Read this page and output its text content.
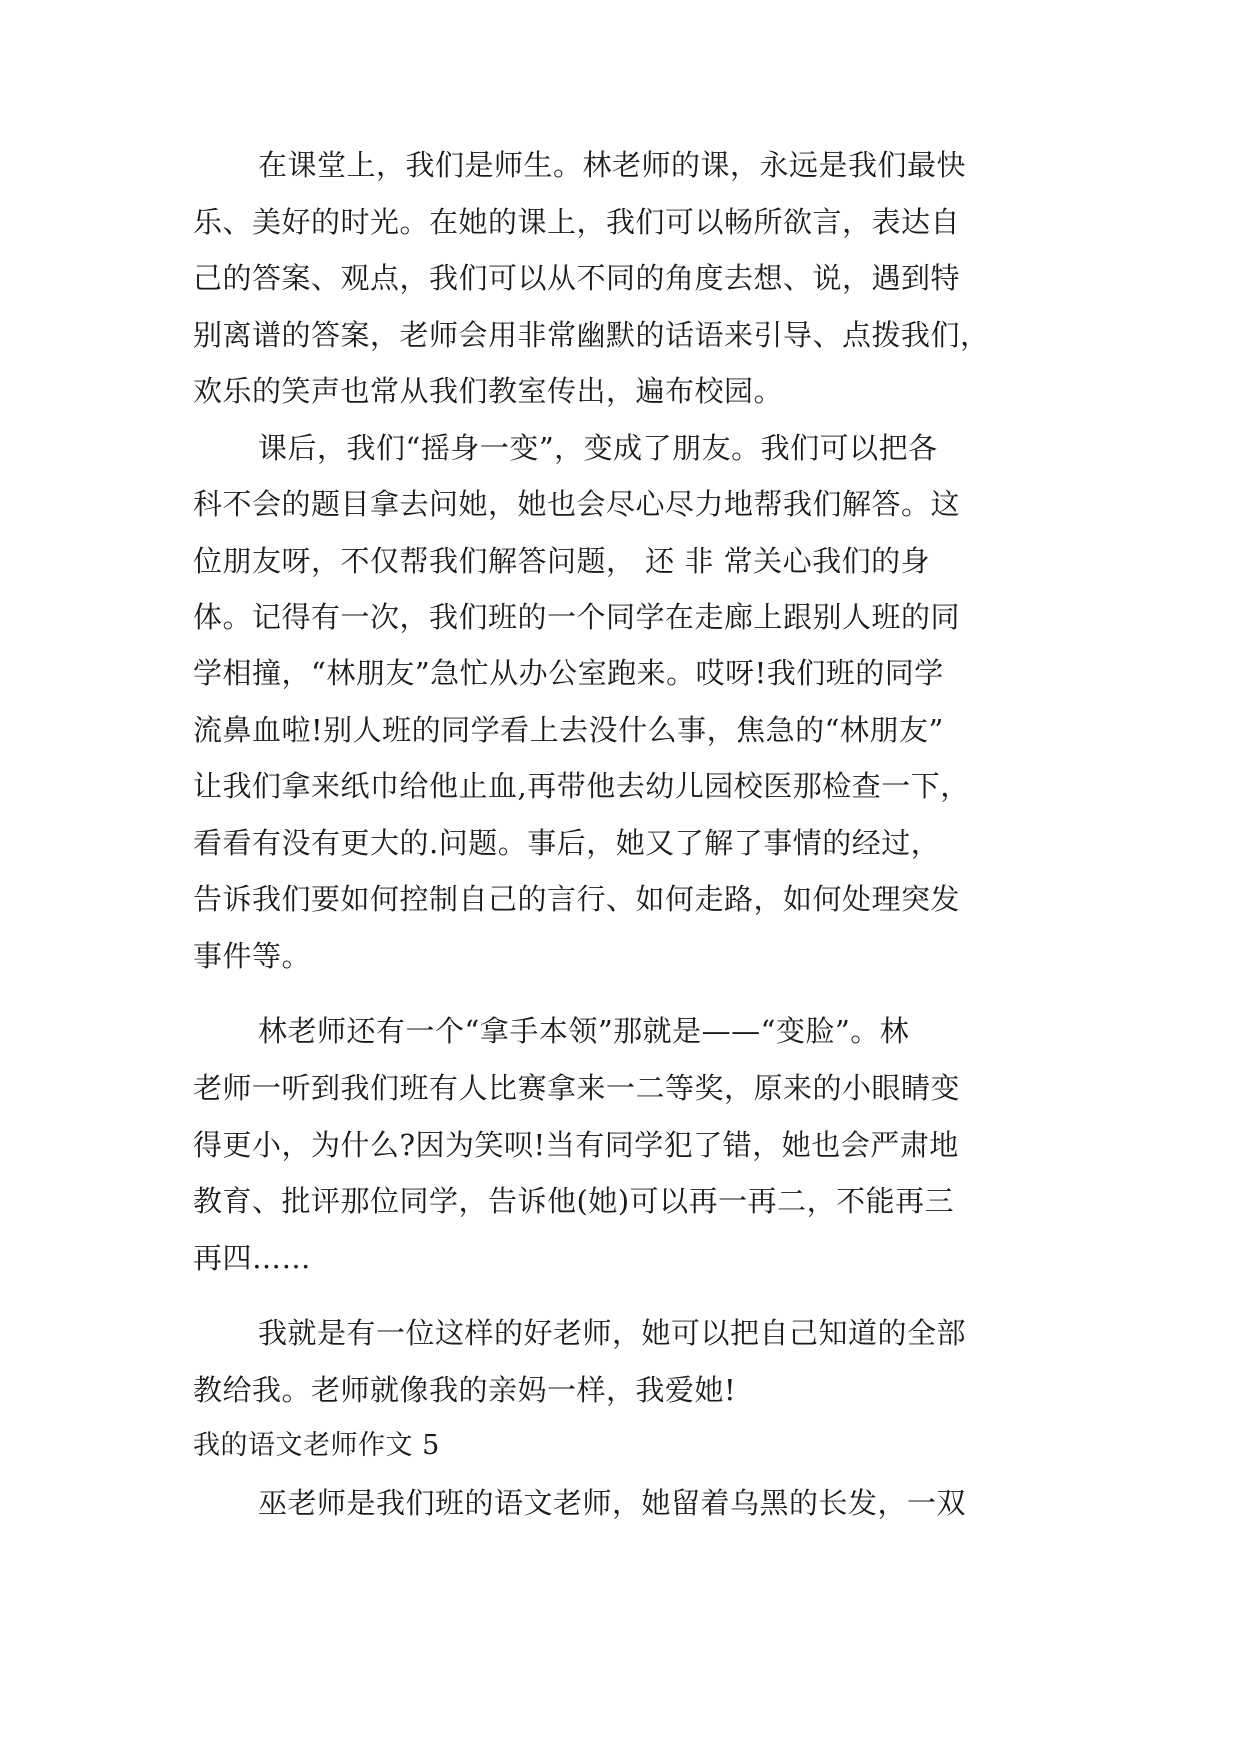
在课堂上，我们是师生。林老师的课，永远是我们最快
乐、美好的时光。在她的课上，我们可以畅所欲言，表达自
己的答案、观点，我们可以从不同的角度去想、说，遇到特
别离谱的答案，老师会用非常幽默的话语来引导、点拨我们，
欢乐的笑声也常从我们教室传出，遍布校园。
课后，我们“摇身一变”，变成了朋友。我们可以把各
科不会的题目拿去问她，她也会尽心尽力地帮我们解答。这
位朋友呀，不仅帮我们解答问题， 还 非 常关心我们的身
体。记得有一次，我们班的一个同学在走廊上跟别人班的同
学相撞，“林朋友”急忙从办公室跑来。哎呀!我们班的同学
流鼻血啦!别人班的同学看上去没什么事，焦急的“林朋友”
让我们拿来纸巾给他止血,再带他去幼儿园校医那检查一下，
看看有没有更大的.问题。事后，她又了解了事情的经过，
告诉我们要如何控制自己的言行、如何走路，如何处理突发
事件等。
林老师还有一个“拿手本领”那就是——“变脸”。林
老师一听到我们班有人比赛拿来一二等奖，原来的小眼睛变
得更小，为什么?因为笑呗!当有同学犯了错，她也会严肃地
教育、批评那位同学，告诉他(她)可以再一再二，不能再三
再四……
我就是有一位这样的好老师，她可以把自己知道的全部
教给我。老师就像我的亲妈一样，我爱她!
我的语文老师作文 5
巫老师是我们班的语文老师，她留着乌黑的长发，一双
